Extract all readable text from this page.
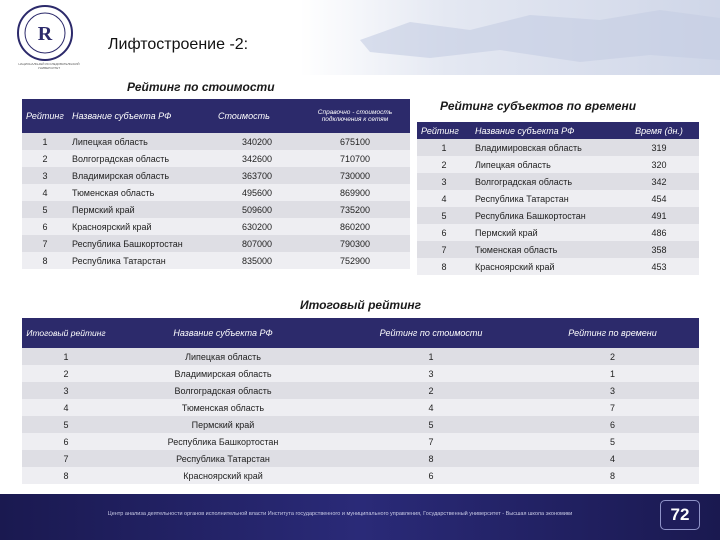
R
НАЦИОНАЛЬНЫЙ ИССЛЕДОВАТЕЛЬСКИЙ УНИВЕРСИТЕТ
Лифтостроение -2:
Рейтинг по стоимости
Рейтинг	Название субъекта РФ	Стоимость	Справочно - стоимость подключения к сетям
1	Липецкая область	340200	675100
2	Волгоградская область	342600	710700
3	Владимирская область	363700	730000
4	Тюменская область	495600	869900
5	Пермский край	509600	735200
6	Красноярский край	630200	860200
7	Республика Башкортостан	807000	790300
8	Республика Татарстан	835000	752900
Рейтинг субъектов по времени
Рейтинг	Название субъекта РФ	Время (дн.)
1	Владимировская область	319
2	Липецкая область	320
3	Волгоградская область	342
4	Республика Татарстан	454
5	Республика Башкортостан	491
6	Пермский край	486
7	Тюменская область	358
8	Красноярский край	453
Итоговый рейтинг
Итоговый рейтинг	Название субъекта РФ	Рейтинг по стоимости	Рейтинг по времени
1	Липецкая область	1	2
2	Владимирская область	3	1
3	Волгоградская область	2	3
4	Тюменская область	4	7
5	Пермский край	5	6
6	Республика Башкортостан	7	5
7	Республика Татарстан	8	4
8	Красноярский край	6	8
Центр анализа деятельности органов исполнительной власти Института государственного и муниципального управления, Государственный университет - Высшая школа экономики	72
